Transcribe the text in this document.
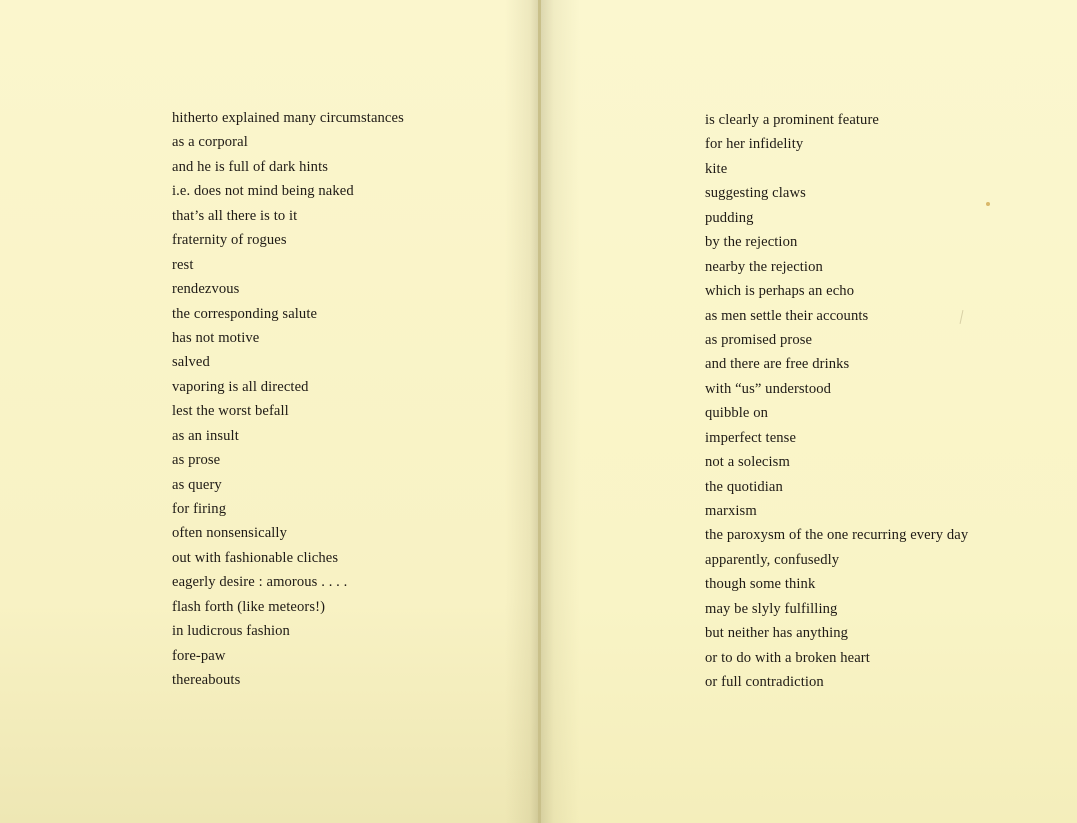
hitherto explained many circumstances
as a corporal
and he is full of dark hints
i.e. does not mind being naked
that’s all there is to it
fraternity of rogues
rest
rendezvous
the corresponding salute
has not motive
salved
vaporing is all directed
lest the worst befall
as an insult
as prose
as query
for firing
often nonsensically
out with fashionable cliches
eagerly desire : amorous . . . .
flash forth (like meteors!)
in ludicrous fashion
fore-paw
thereabouts
is clearly a prominent feature
for her infidelity
kite
suggesting claws
pudding
by the rejection
nearby the rejection
which is perhaps an echo
as men settle their accounts
as promised prose
and there are free drinks
with “us” understood
quibble on
imperfect tense
not a solecism
the quotidian
marxism
the paroxysm of the one recurring every day
apparently, confusedly
though some think
may be slyly fulfilling
but neither has anything
or to do with a broken heart
or full contradiction
